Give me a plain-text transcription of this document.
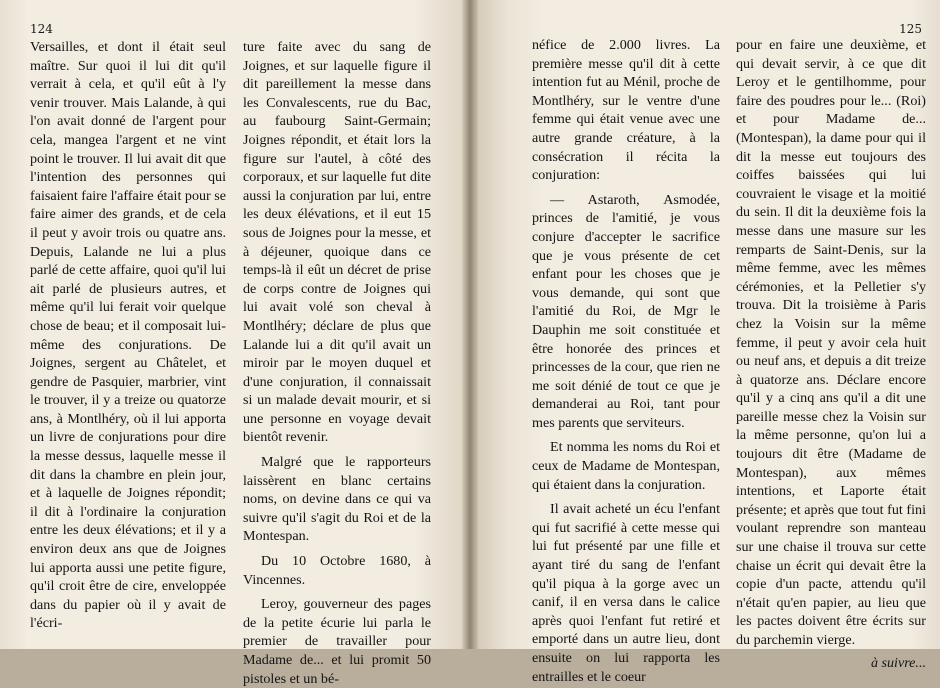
124

Versailles, et dont il était seul maître. Sur quoi il lui dit qu'il verrait à cela, et qu'il eût à l'y venir trouver. Mais Lalande, à qui l'on avait donné de l'argent pour cela, mangea l'argent et ne vint point le trouver. Il lui avait dit que l'intention des personnes qui faisaient faire l'affaire était pour se faire aimer des grands, et de cela il peut y avoir trois ou quatre ans. Depuis, Lalande ne lui a plus parlé de cette affaire, quoi qu'il lui ait parlé de plusieurs autres, et même qu'il lui ferait voir quelque chose de beau; et il composait lui-même des conjurations. De Joignes, sergent au Châtelet, et gendre de Pasquier, marbrier, vint le trouver, il y a treize ou quatorze ans, à Montlhéry, où il lui apporta un livre de conjurations pour dire la messe dessus, laquelle messe il dit dans la chambre en plein jour, et à laquelle de Joignes répondit; il dit à l'ordinaire la conjuration entre les deux élévations; et il y a environ deux ans que de Joignes lui apporta aussi une petite figure, qu'il croit être de cire, enveloppée dans du papier où il y avait de l'écri-

ture faite avec du sang de Joignes, et sur laquelle figure il dit pareillement la messe dans les Convalescents, rue du Bac, au faubourg Saint-Germain; Joignes répondit, et était lors la figure sur l'autel, à côté des corporaux, et sur laquelle fut dite aussi la conjuration par lui, entre les deux élévations, et il eut 15 sous de Joignes pour la messe, et à déjeuner, quoique dans ce temps-là il eût un décret de prise de corps contre de Joignes qui lui avait volé son cheval à Montlhéry; déclare de plus que Lalande lui a dit qu'il avait un miroir par le moyen duquel et d'une conjuration, il connaissait si un malade devait mourir, et si une personne en voyage devait bientôt revenir.

Malgré que le rapporteurs laissèrent en blanc certains noms, on devine dans ce qui va suivre qu'il s'agit du Roi et de la Montespan.

Du 10 Octobre 1680, à Vincennes.

Leroy, gouverneur des pages de la petite écurie lui parla le premier de travailler pour Madame de... et lui promit 50 pistoles et un bé-

125

néfice de 2.000 livres. La première messe qu'il dit à cette intention fut au Ménil, proche de Montlhéry, sur le ventre d'une femme qui était venue avec une autre grande créature, à la consécration il récita la conjuration:

— Astaroth, Asmodée, princes de l'amitié, je vous conjure d'accepter le sacrifice que je vous présente de cet enfant pour les choses que je vous demande, qui sont que l'amitié du Roi, de Mgr le Dauphin me soit constituée et être honorée des princes et princesses de la cour, que rien ne me soit dénié de tout ce que je demanderai au Roi, tant pour mes parents que serviteurs.

Et nomma les noms du Roi et ceux de Madame de Montespan, qui étaient dans la conjuration.

Il avait acheté un écu l'enfant qui fut sacrifié à cette messe qui lui fut présenté par une fille et ayant tiré du sang de l'enfant qu'il piqua à la gorge avec un canif, il en versa dans le calice après quoi l'enfant fut retiré et emporté dans un autre lieu, dont ensuite on lui rapporta les entrailles et le coeur

pour en faire une deuxième, et qui devait servir, à ce que dit Leroy et le gentilhomme, pour faire des poudres pour le... (Roi) et pour Madame de... (Montespan), la dame pour qui il dit la messe eut toujours des coiffes baissées qui lui couvraient le visage et la moitié du sein. Il dit la deuxième fois la messe dans une masure sur les remparts de Saint-Denis, sur la même femme, avec les mêmes cérémonies, et la Pelletier s'y trouva. Dit la troisième à Paris chez la Voisin sur la même femme, il peut y avoir cela huit ou neuf ans, et depuis a dit treize à quatorze ans. Déclare encore qu'il y a cinq ans qu'il a dit une pareille messe chez la Voisin sur la même personne, qu'on lui a toujours dit être (Madame de Montespan), aux mêmes intentions, et Laporte était présente; et après que tout fut fini voulant reprendre son manteau sur une chaise il trouva sur cette chaise un écrit qui devait être la copie d'un pacte, attendu qu'il n'était qu'en papier, au lieu que les pactes doivent être écrits sur du parchemin vierge.

à suivre...
